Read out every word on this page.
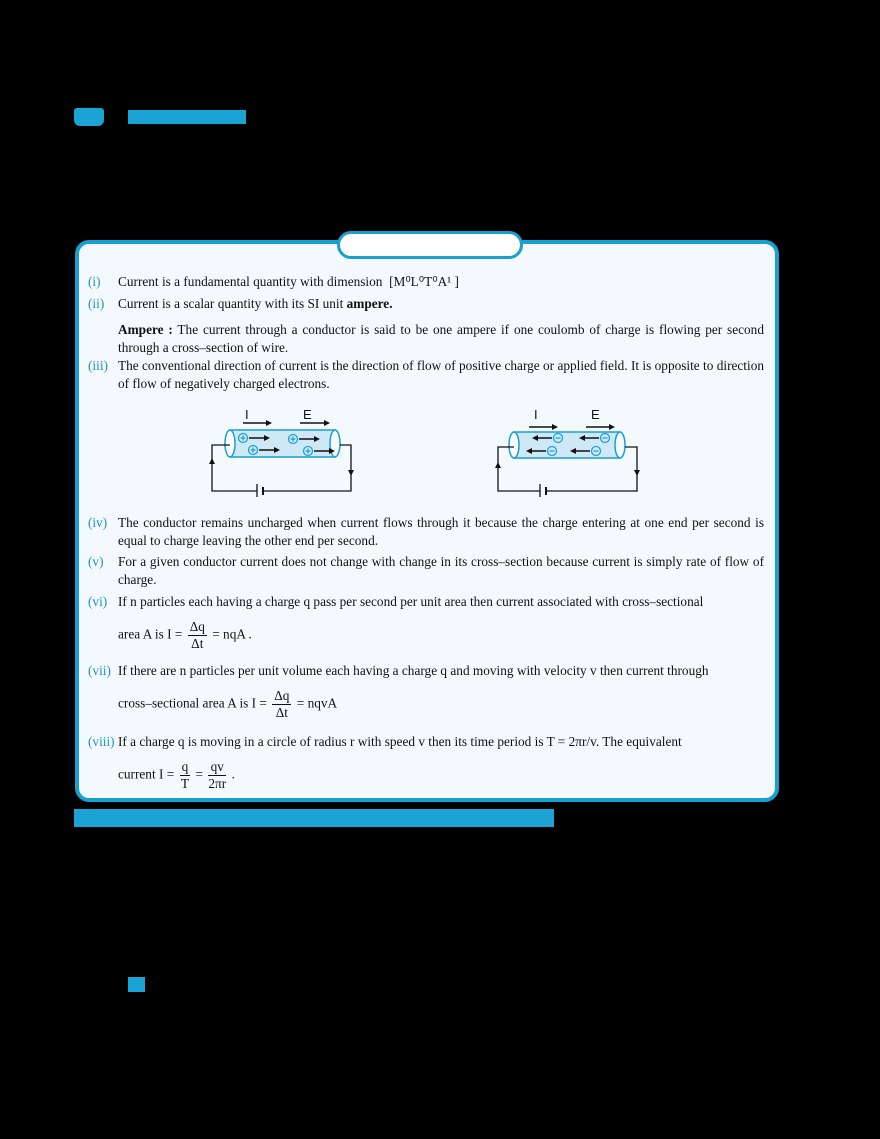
(i) Current is a fundamental quantity with dimension [M⁰L⁰T⁰A¹ ]
(ii) Current is a scalar quantity with its SI unit ampere.
Ampere : The current through a conductor is said to be one ampere if one coulomb of charge is flowing per second through a cross–section of wire.
(iii) The conventional direction of current is the direction of flow of positive charge or applied field. It is opposite to direction of flow of negatively charged electrons.
I	E	I	E
(iv) The conductor remains uncharged when current flows through it because the charge entering at one end per second is equal to charge leaving the other end per second.
(v) For a given conductor current does not change with change in its cross–section because current is simply rate of flow of charge.
(vi) If n particles each having a charge q pass per second per unit area then current associated with cross–sectional
area A is $I = \frac{\Delta q}{\Delta t}$ = nqA .
(vii) If there are n particles per unit volume each having a charge q and moving with velocity v then current through
cross–sectional area A is $I = \frac{\Delta q}{\Delta t}$ = nqvA
(viii) If a charge q is moving in a circle of radius r with speed v then its time period is T = 2πr/v. The equivalent
current $I = \frac{q}{T} = \frac{qv}{2\pi r}$ .
